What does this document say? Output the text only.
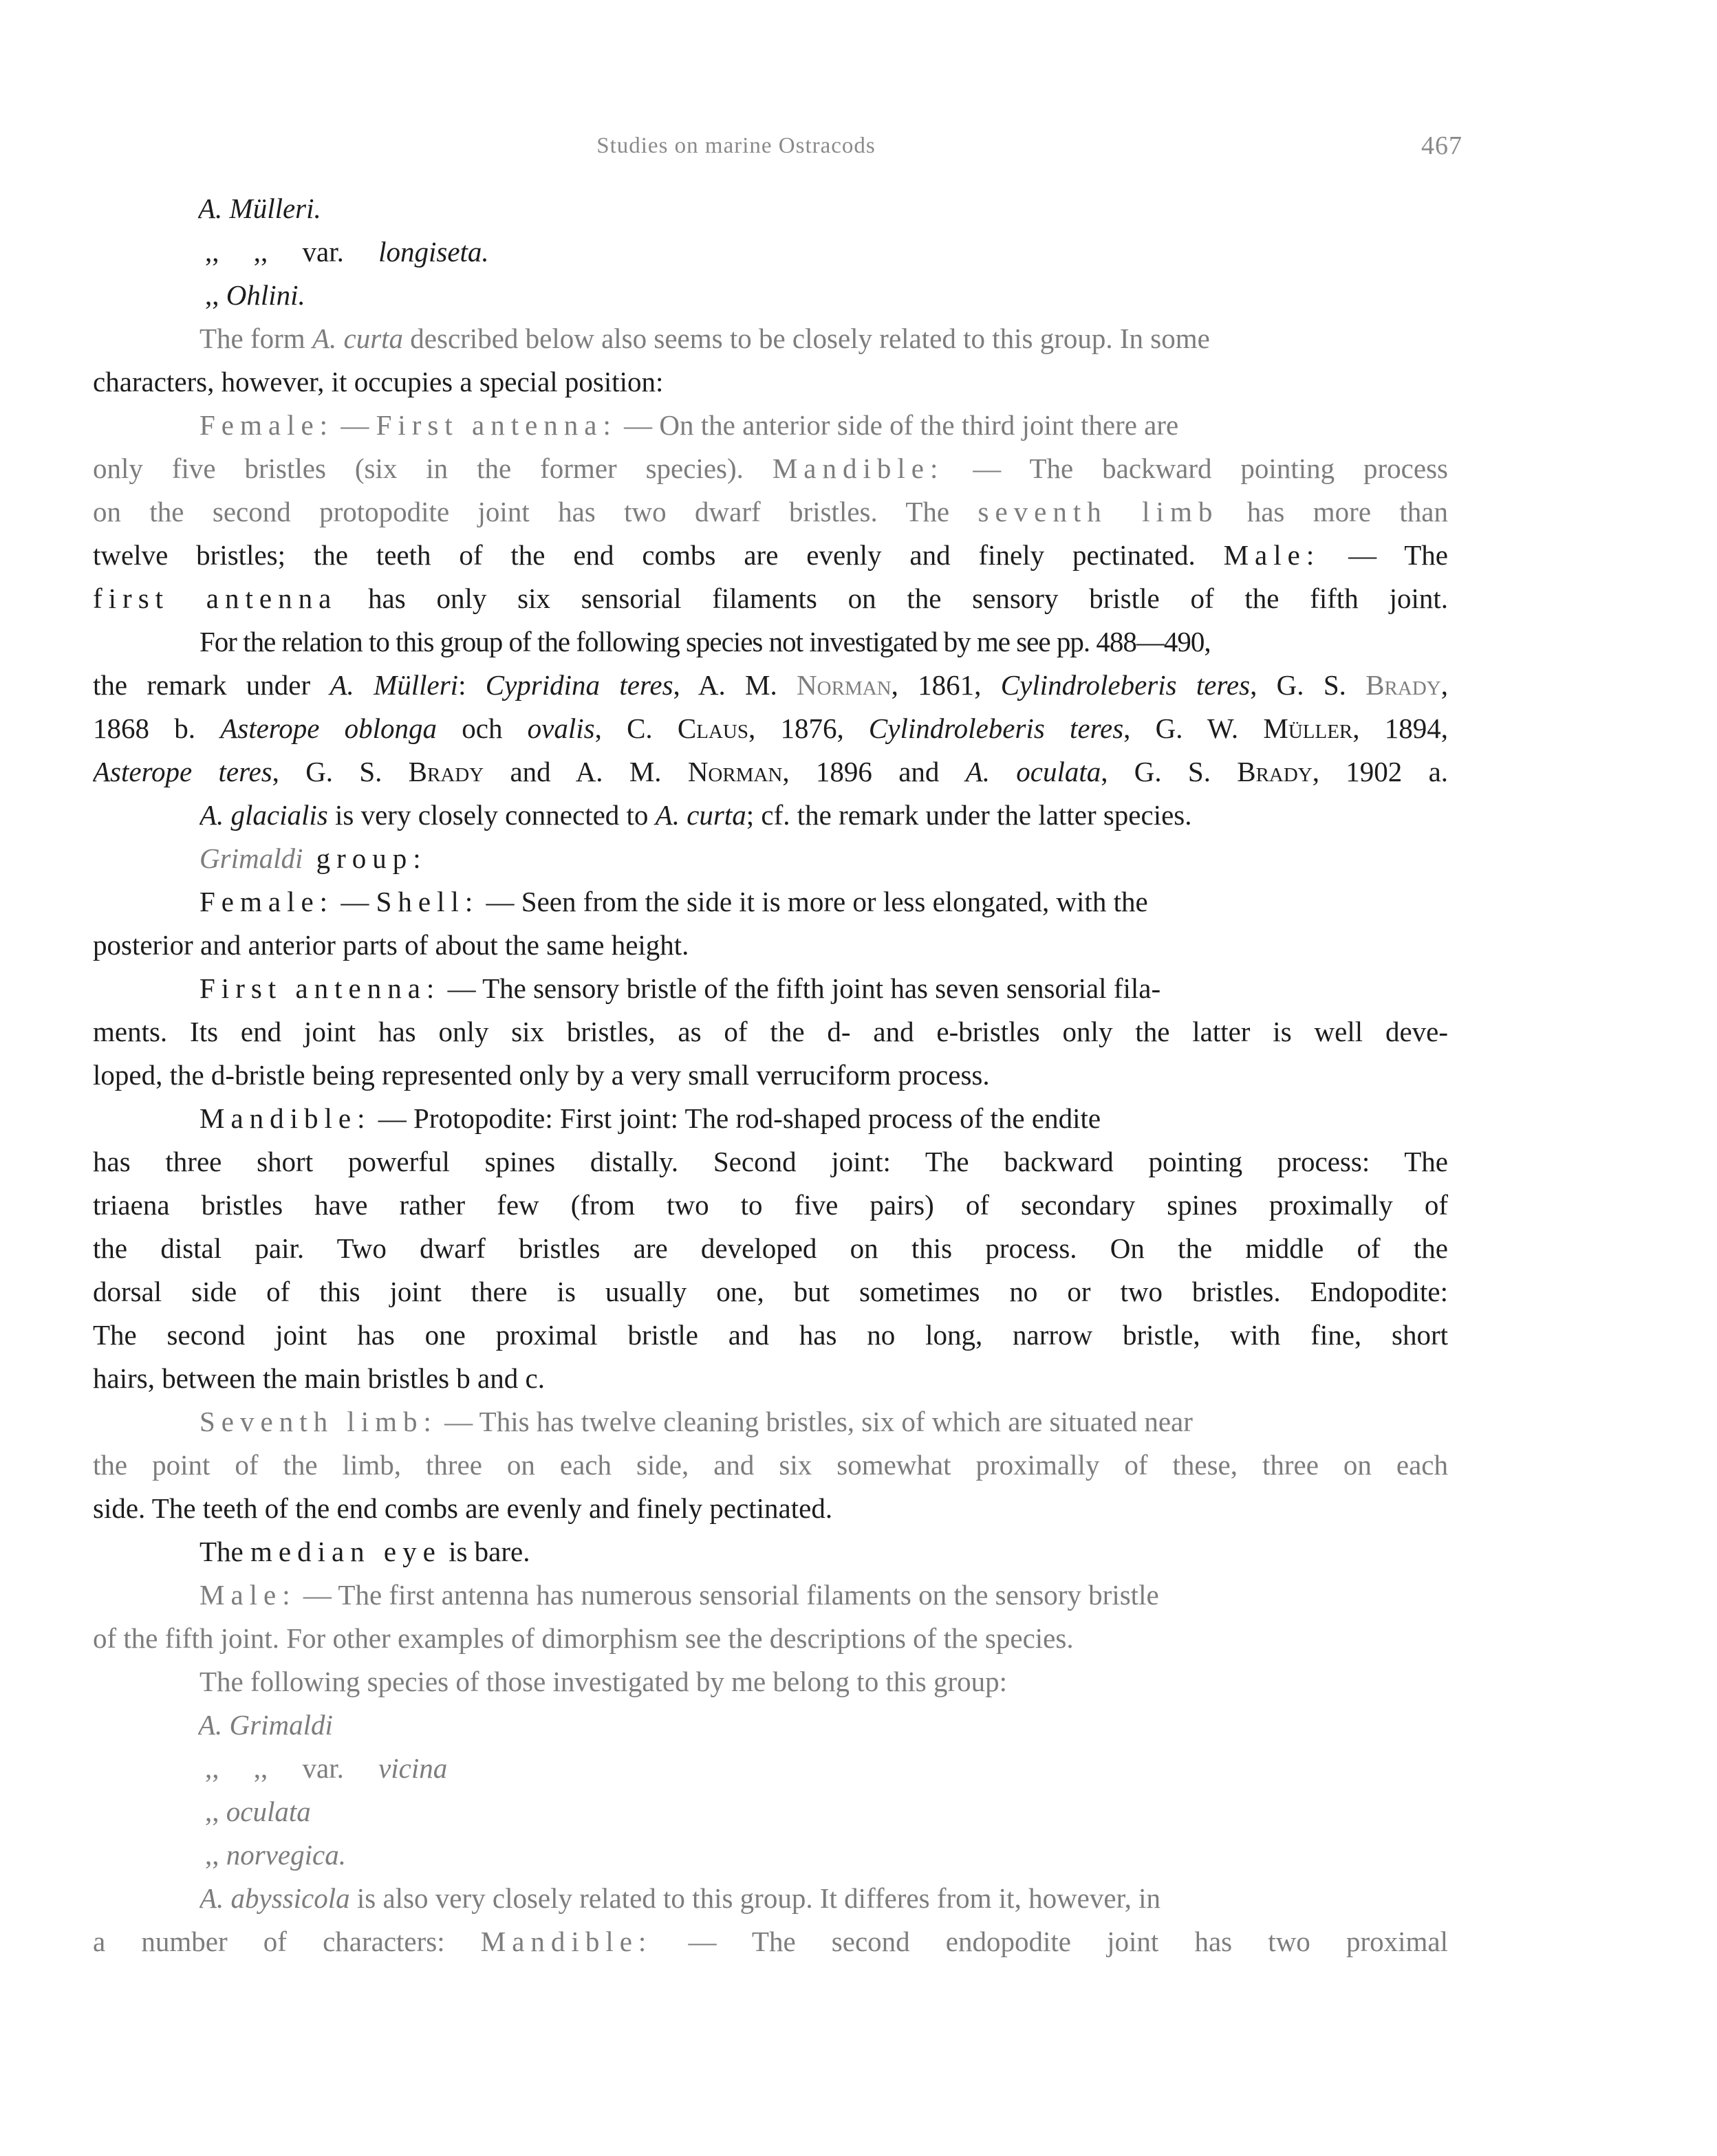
Studies on marine Ostracods	467
A. Mülleri.
,, ,, var. longiseta.
,, Ohlini.
The form A. curta described below also seems to be closely related to this group. In some
characters, however, it occupies a special position:
Female: — First antenna: — On the anterior side of the third joint there are
only five bristles (six in the former species). Mandible: — The backward pointing process
on the second protopodite joint has two dwarf bristles. The seventh limb has more than
twelve bristles; the teeth of the end combs are evenly and finely pectinated. Male: — The
first antenna has only six sensorial filaments on the sensory bristle of the fifth joint.
For the relation to this group of the following species not investigated by me see pp. 488—490,
the remark under A. Mülleri: Cypridina teres, A. M. Norman, 1861, Cylindroleberis teres, G. S. Brady,
1868 b. Asterope oblonga och ovalis, C. Claus, 1876, Cylindroleberis teres, G. W. Müller, 1894,
Asterope teres, G. S. Brady and A. M. Norman, 1896 and A. oculata, G. S. Brady, 1902 a.
A. glacialis is very closely connected to A. curta; cf. the remark under the latter species.
Grimaldi group:
Female: — Shell: — Seen from the side it is more or less elongated, with the
posterior and anterior parts of about the same height.
First antenna: — The sensory bristle of the fifth joint has seven sensorial fila-
ments. Its end joint has only six bristles, as of the d- and e-bristles only the latter is well deve-
loped, the d-bristle being represented only by a very small verruciform process.
Mandible: — Protopodite: First joint: The rod-shaped process of the endite
has three short powerful spines distally. Second joint: The backward pointing process: The
triaena bristles have rather few (from two to five pairs) of secondary spines proximally of
the distal pair. Two dwarf bristles are developed on this process. On the middle of the
dorsal side of this joint there is usually one, but sometimes no or two bristles. Endopodite:
The second joint has one proximal bristle and has no long, narrow bristle, with fine, short
hairs, between the main bristles b and c.
Seventh limb: — This has twelve cleaning bristles, six of which are situated near
the point of the limb, three on each side, and six somewhat proximally of these, three on each
side. The teeth of the end combs are evenly and finely pectinated.
The median eye is bare.
Male: — The first antenna has numerous sensorial filaments on the sensory bristle
of the fifth joint. For other examples of dimorphism see the descriptions of the species.
The following species of those investigated by me belong to this group:
A. Grimaldi
,, ,, var. vicina
,, oculata
,, norvegica.
A. abyssicola is also very closely related to this group. It differes from it, however, in
a number of characters: Mandible: — The second endopodite joint has two proximal
